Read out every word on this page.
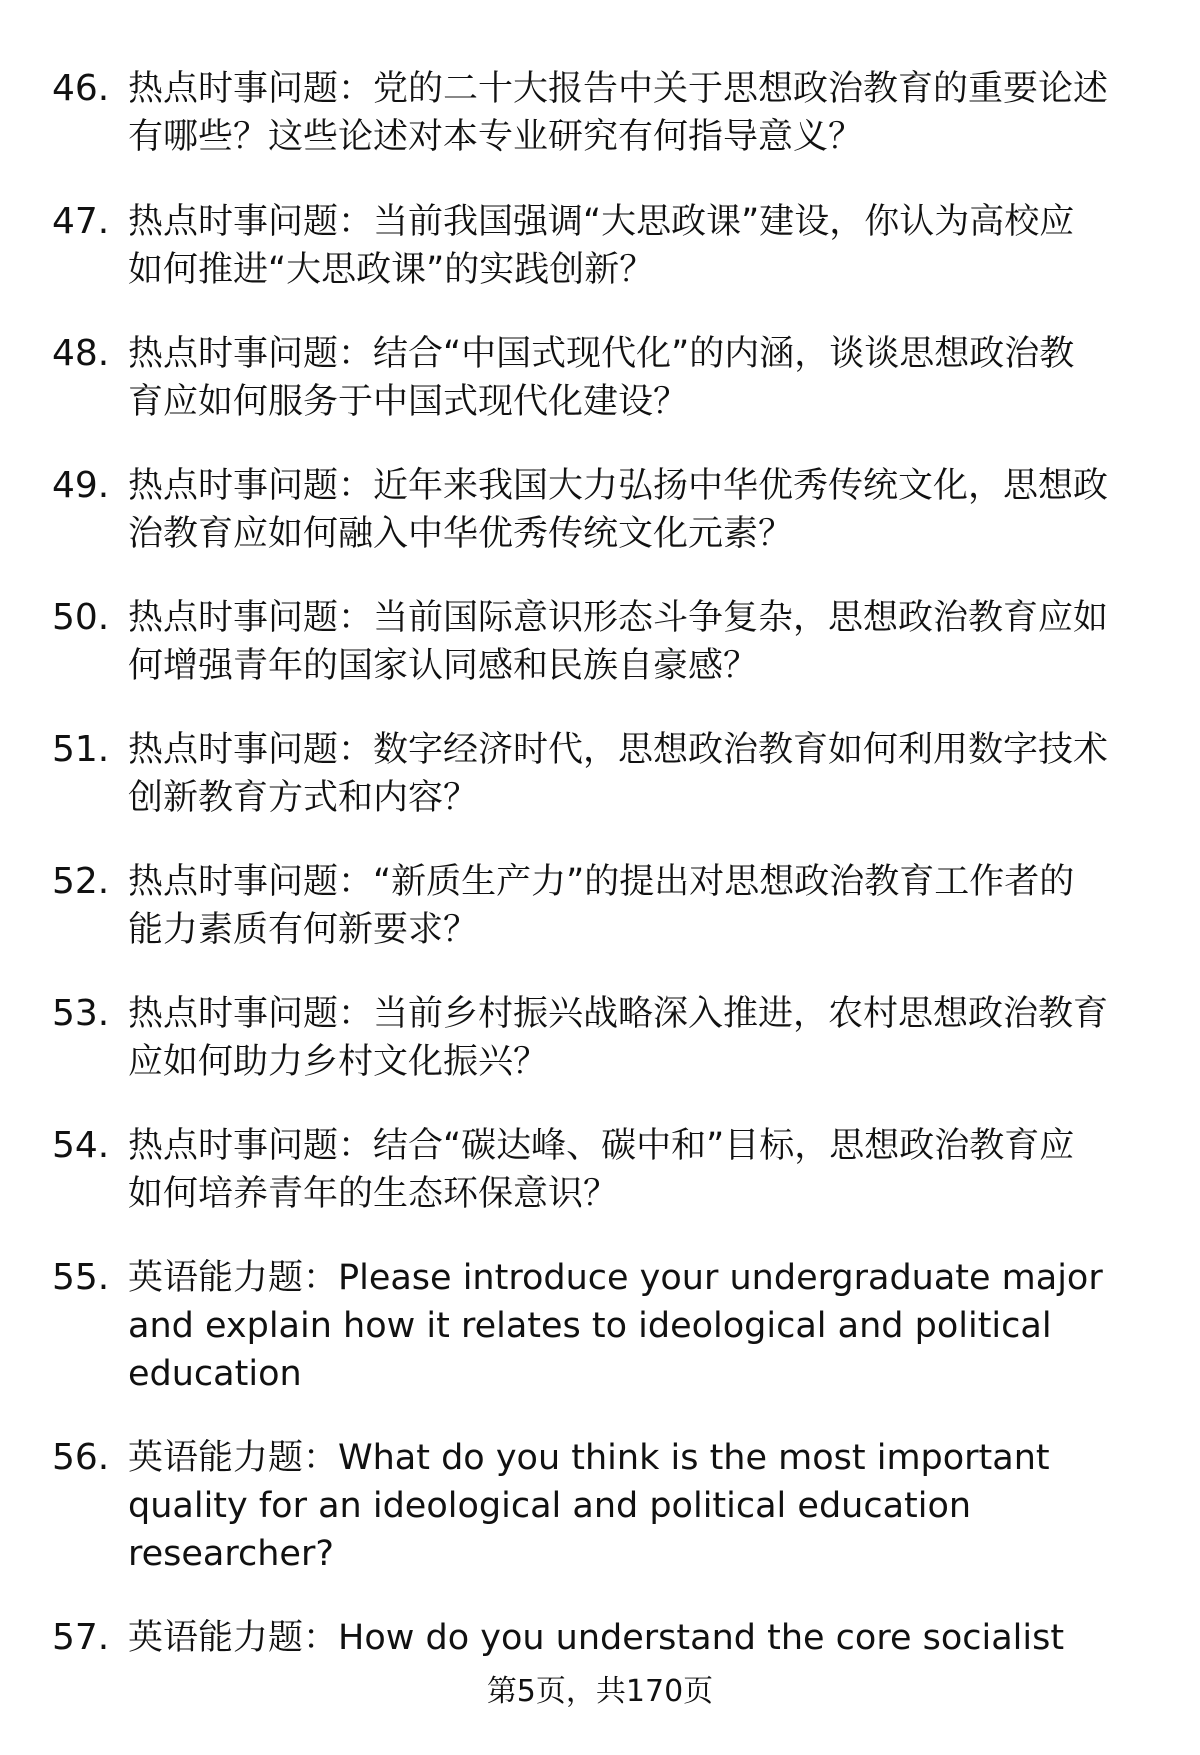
46. 热点时事问题：党的二十大报告中关于思想政治教育的重要论述
有哪些？这些论述对本专业研究有何指导意义？
47. 热点时事问题：当前我国强调“大思政课”建设，你认为高校应
如何推进“大思政课”的实践创新？
48. 热点时事问题：结合“中国式现代化”的内涵，谈谈思想政治教
育应如何服务于中国式现代化建设？
49. 热点时事问题：近年来我国大力弘扬中华优秀传统文化，思想政
治教育应如何融入中华优秀传统文化元素？
50. 热点时事问题：当前国际意识形态斗争复杂，思想政治教育应如
何增强青年的国家认同感和民族自豪感？
51. 热点时事问题：数字经济时代，思想政治教育如何利用数字技术
创新教育方式和内容？
52. 热点时事问题：“新质生产力”的提出对思想政治教育工作者的
能力素质有何新要求？
53. 热点时事问题：当前乡村振兴战略深入推进，农村思想政治教育
应如何助力乡村文化振兴？
54. 热点时事问题：结合“碳达峰、碳中和”目标，思想政治教育应
如何培养青年的生态环保意识？
55. 英语能力题：Please introduce your undergraduate major
and explain how it relates to ideological and political
education
56. 英语能力题：What do you think is the most important
quality for an ideological and political education
researcher?
57. 英语能力题：How do you understand the core socialist
第5页，共170页
